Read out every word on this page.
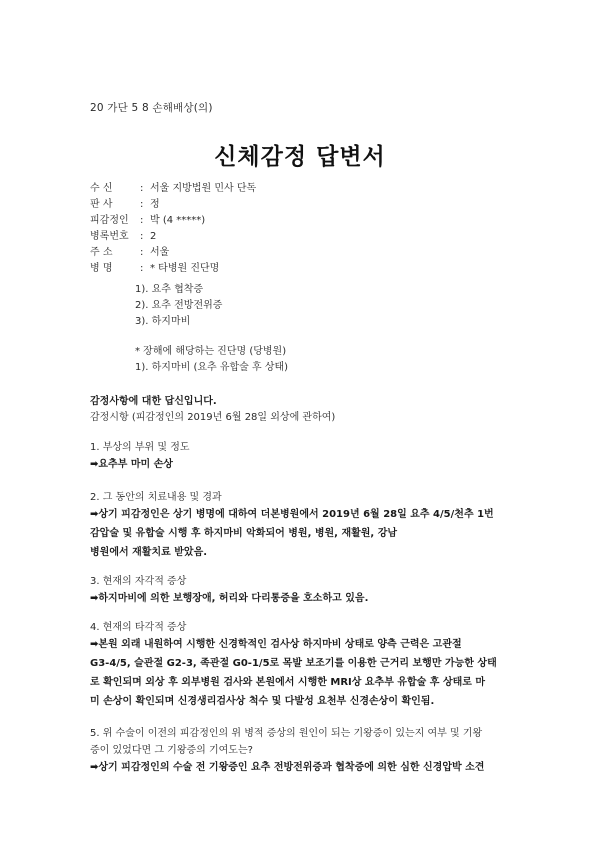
20 가단 5 8 손해배상(의)
신체감정 답변서
수 신	: 서울 지방법원 민사 단독
판 사	: 정
피감정인 : 박 (4 *****)
병록번호 : 2
주 소	: 서울
병 명	: * 타병원 진단명
1). 요추 협착증
2). 요추 전방전위증
3). 하지마비
* 장해에 해당하는 진단명 (당병원)
1). 하지마비 (요추 유합술 후 상태)
감정사항에 대한 답신입니다.
감정시항 (피감정인의 2019년 6월 28일 외상에 관하여)
1. 부상의 부위 및 정도
➡요추부 마미 손상
2. 그 동안의 치료내용 및 경과
➡상기 피감정인은 상기 병명에 대하여 더본병원에서 2019년 6월 28일 요추 4/5/천추 1번
감압술 및 유합술 시행 후 하지마비 악화되어 병원, 병원, 재활원, 강남
병원에서 재활치료 받았음.
3. 현재의 자각적 증상
➡하지마비에 의한 보행장애, 허리와 다리통증을 호소하고 있음.
4. 현재의 타각적 증상
➡본원 외래 내원하여 시행한 신경학적인 검사상 하지마비 상태로 양측 근력은 고관절
G3-4/5, 슬관절 G2-3, 족관절 G0-1/5로 목발 보조기를 이용한 근거리 보행만 가능한 상태
로 확인되며 외상 후 외부병원 검사와 본원에서 시행한 MRI상 요추부 유합술 후 상태로 마
미 손상이 확인되며 신경생리검사상 척수 및 다발성 요천부 신경손상이 확인됨.
5. 위 수술이 이전의 피감정인의 위 병적 증상의 원인이 되는 기왕증이 있는지 여부 및 기왕
증이 있었다면 그 기왕증의 기여도는?
➡상기 피감정인의 수술 전 기왕증인 요추 전방전위증과 협착증에 의한 심한 신경압박 소견
